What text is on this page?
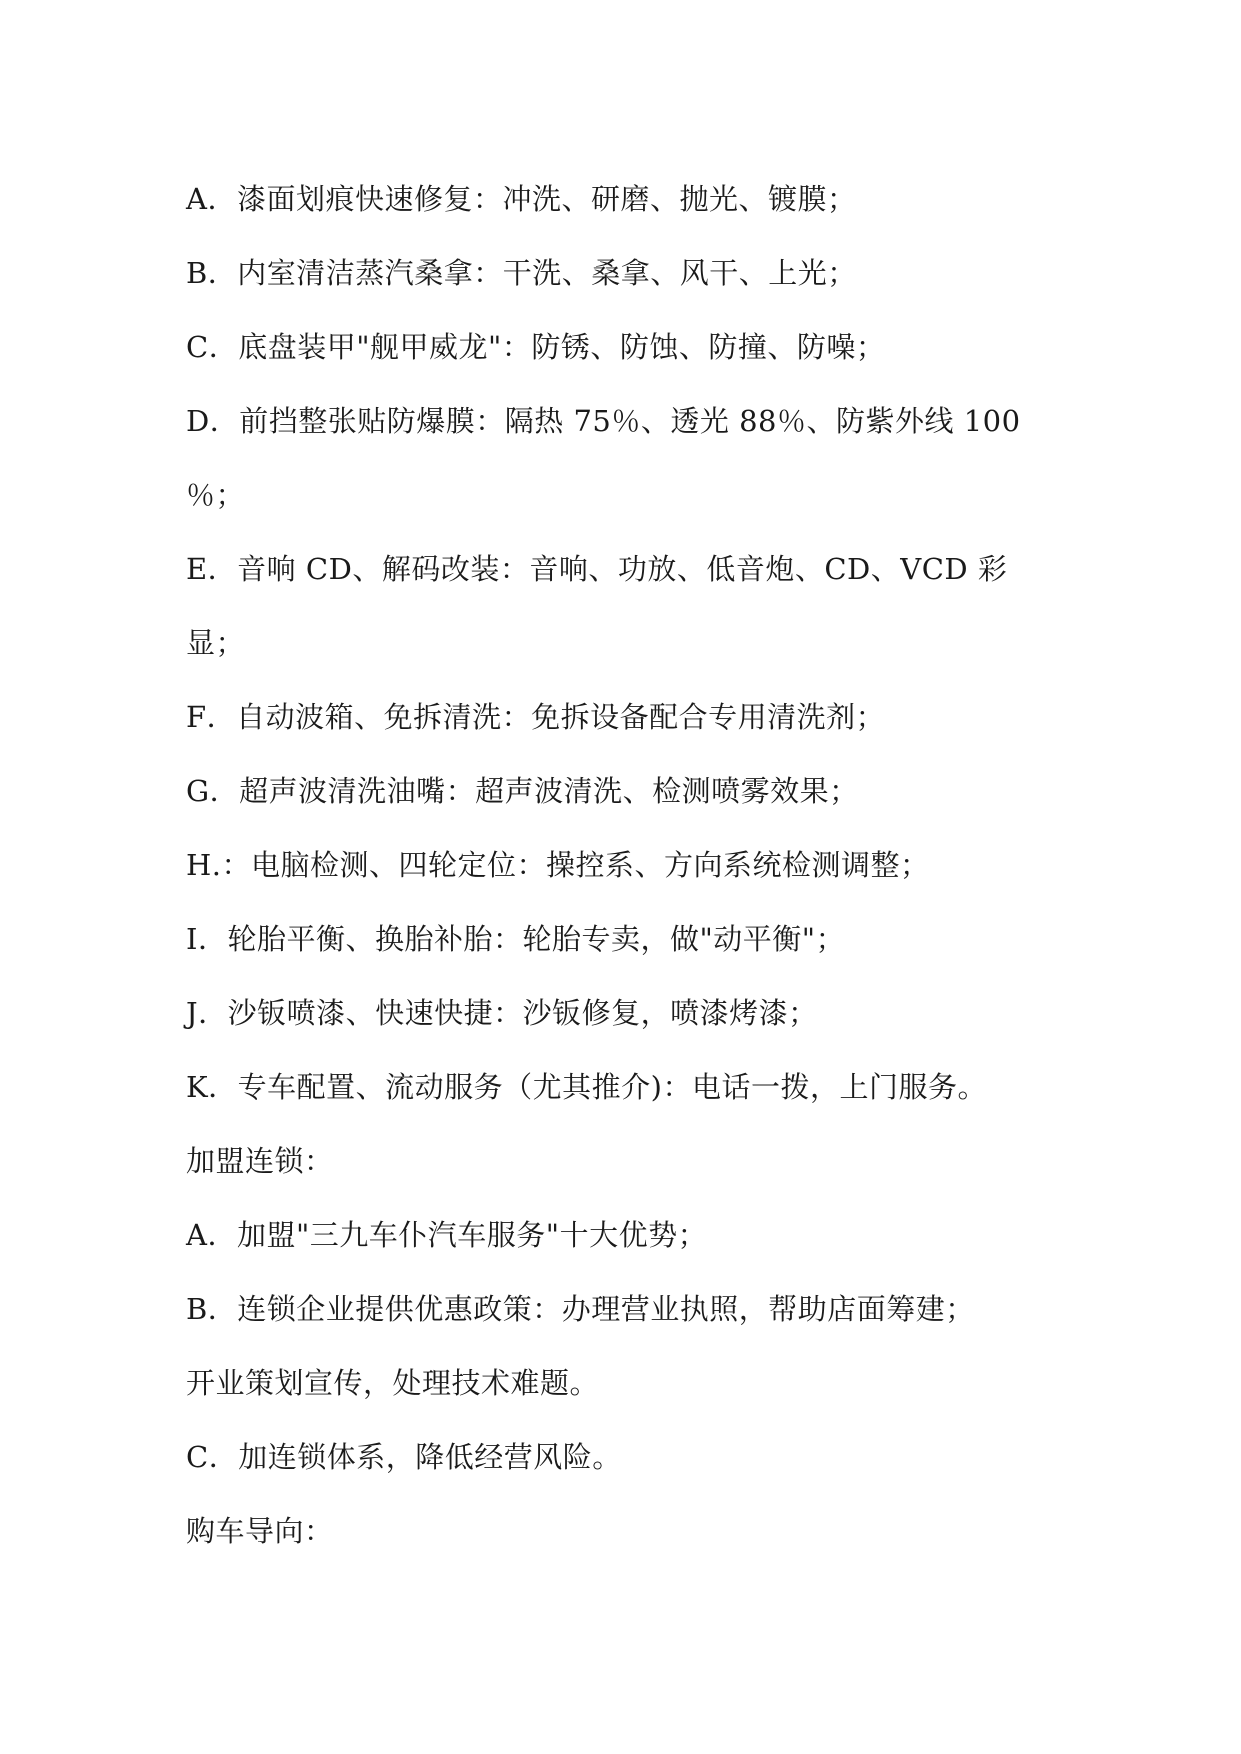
A．漆面划痕快速修复：冲洗、研磨、抛光、镀膜；
B．内室清洁蒸汽桑拿：干洗、桑拿、风干、上光；
C．底盘装甲"舰甲威龙"：防锈、防蚀、防撞、防噪；
D．前挡整张贴防爆膜：隔热 75％、透光 88％、防紫外线 100
％；
E．音响 CD、解码改装：音响、功放、低音炮、CD、VCD 彩
显；
F．自动波箱、免拆清洗：免拆设备配合专用清洗剂；
G．超声波清洗油嘴：超声波清洗、检测喷雾效果；
H.：电脑检测、四轮定位：操控系、方向系统检测调整；
I．轮胎平衡、换胎补胎：轮胎专卖，做"动平衡"；
J．沙钣喷漆、快速快捷：沙钣修复，喷漆烤漆；
K．专车配置、流动服务（尤其推介)：电话一拨，上门服务。
加盟连锁：
A．加盟"三九车仆汽车服务"十大优势；
B．连锁企业提供优惠政策：办理营业执照，帮助店面筹建；
开业策划宣传，处理技术难题。
C．加连锁体系，降低经营风险。
购车导向：
